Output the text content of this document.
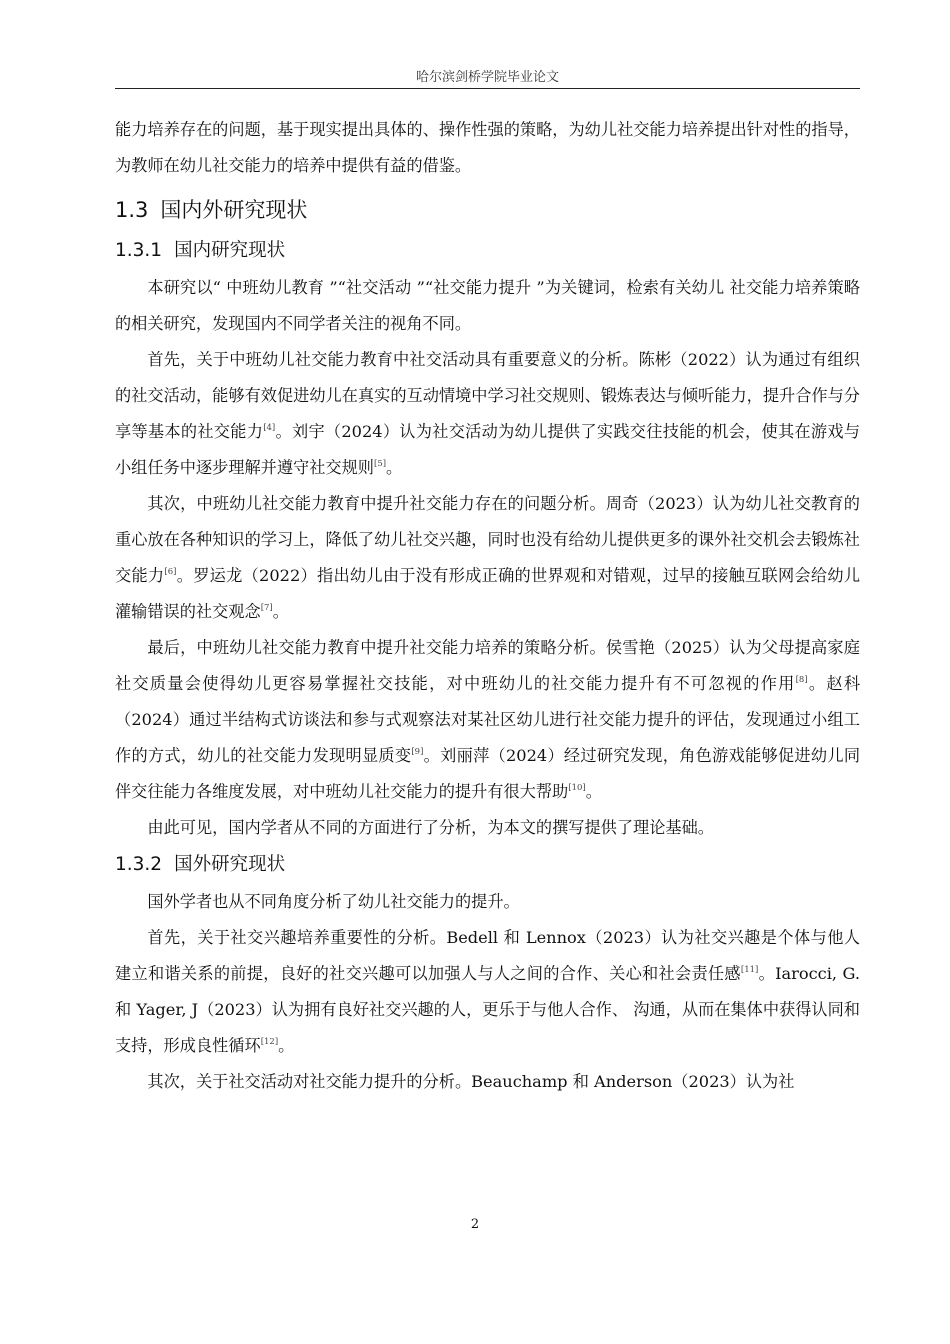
哈尔滨剑桥学院毕业论文

能力培养存在的问题，基于现实提出具体的、操作性强的策略，为幼儿社交能力培养提出针对性的指导，为教师在幼儿社交能力的培养中提供有益的借鉴。

1.3 国内外研究现状
1.3.1 国内研究现状

本研究以“ 中班幼儿教育 ”“社交活动 ”“社交能力提升 ”为关键词，检索有关幼儿 社交能力培养策略的相关研究，发现国内不同学者关注的视角不同。

首先，关于中班幼儿社交能力教育中社交活动具有重要意义的分析。陈彬（2022）认为通过有组织的社交活动，能够有效促进幼儿在真实的互动情境中学习社交规则、锻炼表达与倾听能力，提升合作与分享等基本的社交能力[4]。刘宇（2024）认为社交活动为幼儿提供了实践交往技能的机会，使其在游戏与小组任务中逐步理解并遵守社交规则[5]。

其次，中班幼儿社交能力教育中提升社交能力存在的问题分析。周奇（2023）认为幼儿社交教育的重心放在各种知识的学习上，降低了幼儿社交兴趣，同时也没有给幼儿提供更多的课外社交机会去锻炼社交能力[6]。罗运龙（2022）指出幼儿由于没有形成正确的世界观和对错观，过早的接触互联网会给幼儿灌输错误的社交观念[7]。

最后，中班幼儿社交能力教育中提升社交能力培养的策略分析。侯雪艳（2025）认为父母提高家庭社交质量会使得幼儿更容易掌握社交技能，对中班幼儿的社交能力提升有不可忽视的作用[8]。赵科（2024）通过半结构式访谈法和参与式观察法对某社区幼儿进行社交能力提升的评估，发现通过小组工作的方式，幼儿的社交能力发现明显质变[9]。刘丽萍（2024）经过研究发现，角色游戏能够促进幼儿同伴交往能力各维度发展，对中班幼儿社交能力的提升有很大帮助[10]。

由此可见，国内学者从不同的方面进行了分析，为本文的撰写提供了理论基础。

1.3.2 国外研究现状

国外学者也从不同角度分析了幼儿社交能力的提升。

首先，关于社交兴趣培养重要性的分析。Bedell 和 Lennox（2023）认为社交兴趣是个体与他人建立和谐关系的前提，良好的社交兴趣可以加强人与人之间的合作、关心和社会责任感[11]。Iarocci, G.和 Yager, J（2023）认为拥有良好社交兴趣的人，更乐于与他人合作、 沟通，从而在集体中获得认同和支持，形成良性循环[12]。

其次，关于社交活动对社交能力提升的分析。Beauchamp 和 Anderson（2023）认为社

2
